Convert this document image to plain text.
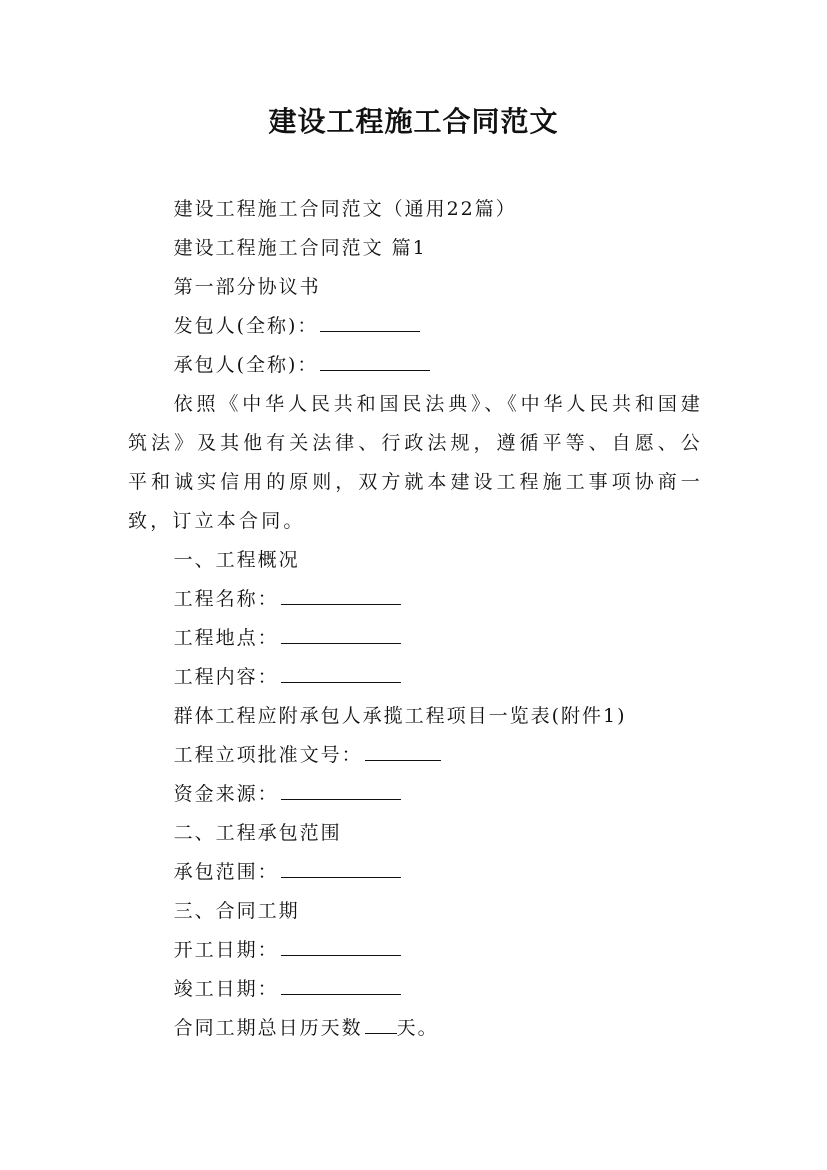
建设工程施工合同范文

建设工程施工合同范文（通用22篇）

建设工程施工合同范文 篇1

第一部分协议书

发包人(全称)：

承包人(全称)：

依照《中华人民共和国民法典》、《中华人民共和国建筑法》及其他有关法律、行政法规，遵循平等、自愿、公平和诚实信用的原则，双方就本建设工程施工事项协商一致，订立本合同。

一、工程概况

工程名称：

工程地点：

工程内容：

群体工程应附承包人承揽工程项目一览表(附件1)

工程立项批准文号：

资金来源：

二、工程承包范围

承包范围：

三、合同工期

开工日期：

竣工日期：

合同工期总日历天数 天。
